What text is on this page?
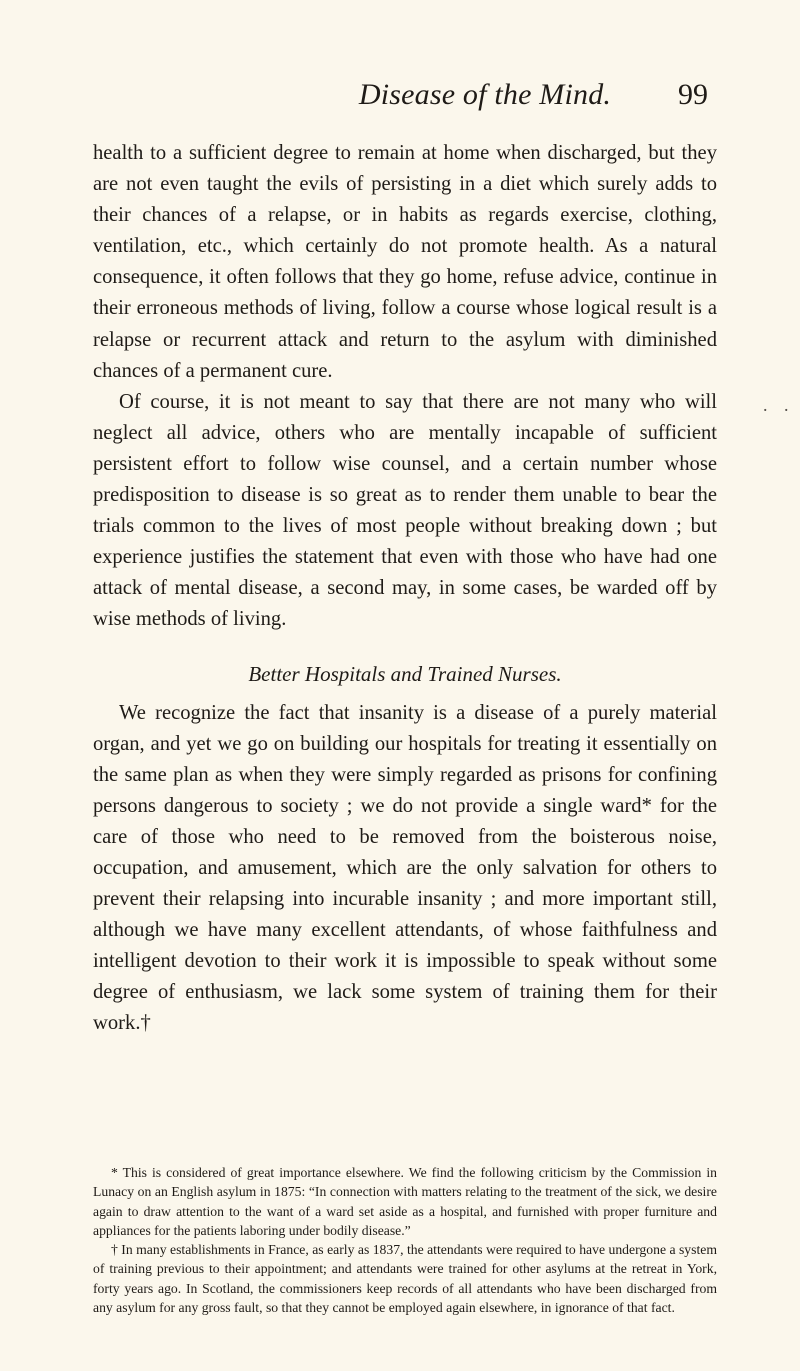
Disease of the Mind.	99
. .

health to a sufficient degree to remain at home when discharged, but they are not even taught the evils of persisting in a diet which surely adds to their chances of a relapse, or in habits as regards exercise, clothing, ventilation, etc., which certainly do not promote health. As a natural consequence, it often follows that they go home, refuse advice, continue in their erroneous methods of living, follow a course whose logical result is a relapse or recurrent attack and return to the asylum with diminished chances of a permanent cure.

Of course, it is not meant to say that there are not many who will neglect all advice, others who are mentally incapable of sufficient persistent effort to follow wise counsel, and a certain number whose predisposition to disease is so great as to render them unable to bear the trials common to the lives of most people without breaking down ; but experience justifies the statement that even with those who have had one attack of mental disease, a second may, in some cases, be warded off by wise methods of living.

Better Hospitals and Trained Nurses.

We recognize the fact that insanity is a disease of a purely material organ, and yet we go on building our hospitals for treating it essentially on the same plan as when they were simply regarded as prisons for confining persons dangerous to society ; we do not provide a single ward* for the care of those who need to be removed from the boisterous noise, occupation, and amusement, which are the only salvation for others to prevent their relapsing into incurable insanity ; and more important still, although we have many excellent attendants, of whose faithfulness and intelligent devotion to their work it is impossible to speak without some degree of enthusiasm, we lack some system of training them for their work.†

* This is considered of great importance elsewhere. We find the following criticism by the Commission in Lunacy on an English asylum in 1875: “In connection with matters relating to the treatment of the sick, we desire again to draw attention to the want of a ward set aside as a hospital, and furnished with proper furniture and appliances for the patients laboring under bodily disease.”

† In many establishments in France, as early as 1837, the attendants were required to have undergone a system of training previous to their appointment; and attendants were trained for other asylums at the retreat in York, forty years ago. In Scotland, the commissioners keep records of all attendants who have been discharged from any asylum for any gross fault, so that they cannot be employed again elsewhere, in ignorance of that fact.
